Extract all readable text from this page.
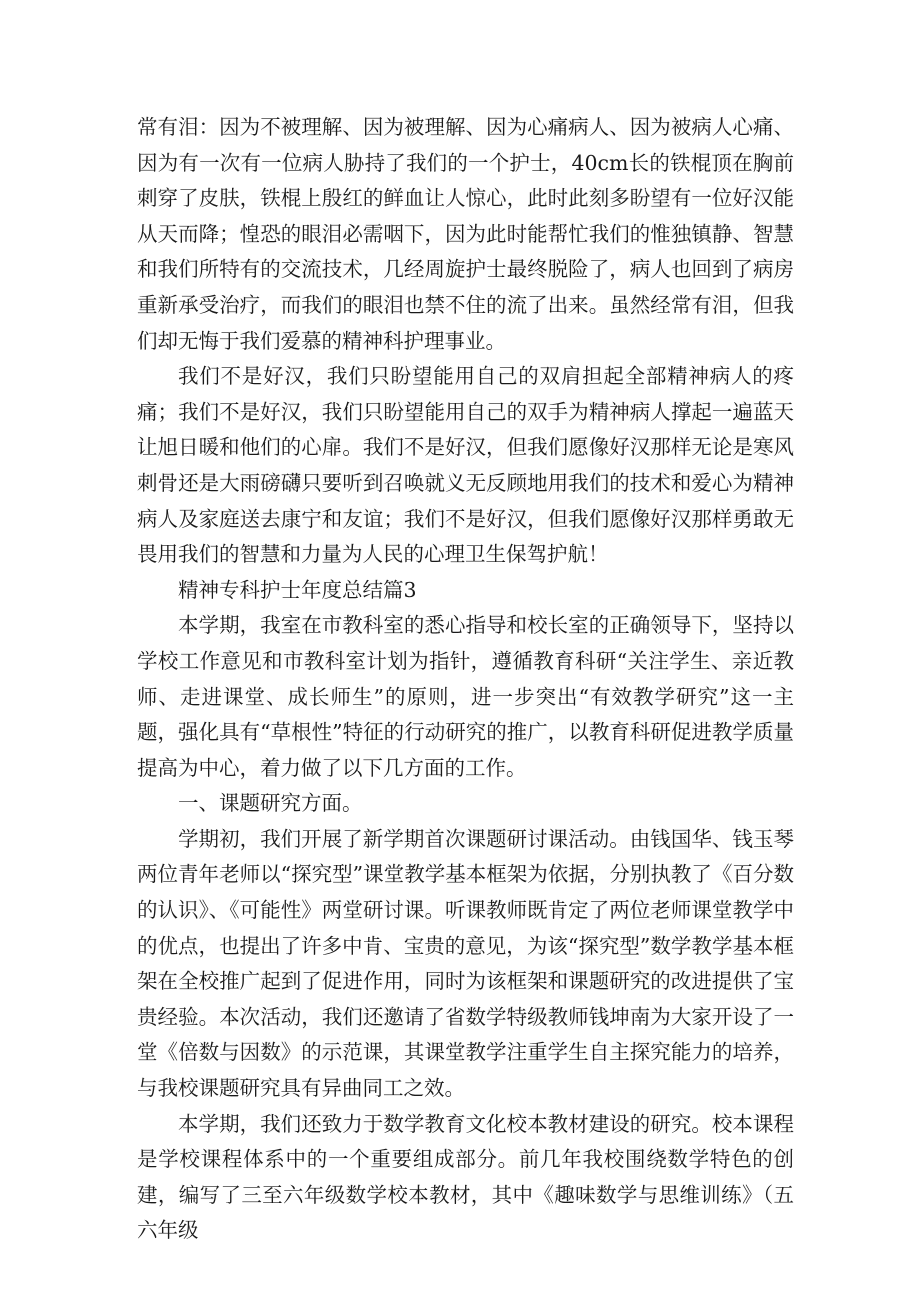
常有泪：因为不被理解、因为被理解、因为心痛病人、因为被病人心痛、因为有一次有一位病人胁持了我们的一个护士，40cm长的铁棍顶在胸前刺穿了皮肤，铁棍上殷红的鲜血让人惊心，此时此刻多盼望有一位好汉能从天而降；惶恐的眼泪必需咽下，因为此时能帮忙我们的惟独镇静、智慧和我们所特有的交流技术，几经周旋护士最终脱险了，病人也回到了病房重新承受治疗，而我们的眼泪也禁不住的流了出来。虽然经常有泪，但我们却无悔于我们爱慕的精神科护理事业。

我们不是好汉，我们只盼望能用自己的双肩担起全部精神病人的疼痛；我们不是好汉，我们只盼望能用自己的双手为精神病人撑起一遍蓝天让旭日暖和他们的心扉。我们不是好汉，但我们愿像好汉那样无论是寒风刺骨还是大雨磅礴只要听到召唤就义无反顾地用我们的技术和爱心为精神病人及家庭送去康宁和友谊；我们不是好汉，但我们愿像好汉那样勇敢无畏用我们的智慧和力量为人民的心理卫生保驾护航！

精神专科护士年度总结篇3

本学期，我室在市教科室的悉心指导和校长室的正确领导下，坚持以学校工作意见和市教科室计划为指针，遵循教育科研“关注学生、亲近教师、走进课堂、成长师生”的原则，进一步突出“有效教学研究”这一主题，强化具有“草根性”特征的行动研究的推广，以教育科研促进教学质量提高为中心，着力做了以下几方面的工作。

一、课题研究方面。

学期初，我们开展了新学期首次课题研讨课活动。由钱国华、钱玉琴两位青年老师以“探究型”课堂教学基本框架为依据，分别执教了《百分数的认识》、《可能性》两堂研讨课。听课教师既肯定了两位老师课堂教学中的优点，也提出了许多中肯、宝贵的意见，为该“探究型”数学教学基本框架在全校推广起到了促进作用，同时为该框架和课题研究的改进提供了宝贵经验。本次活动，我们还邀请了省数学特级教师钱坤南为大家开设了一堂《倍数与因数》的示范课，其课堂教学注重学生自主探究能力的培养，与我校课题研究具有异曲同工之效。

本学期，我们还致力于数学教育文化校本教材建设的研究。校本课程是学校课程体系中的一个重要组成部分。前几年我校围绕数学特色的创建，编写了三至六年级数学校本教材，其中《趣味数学与思维训练》（五六年级
